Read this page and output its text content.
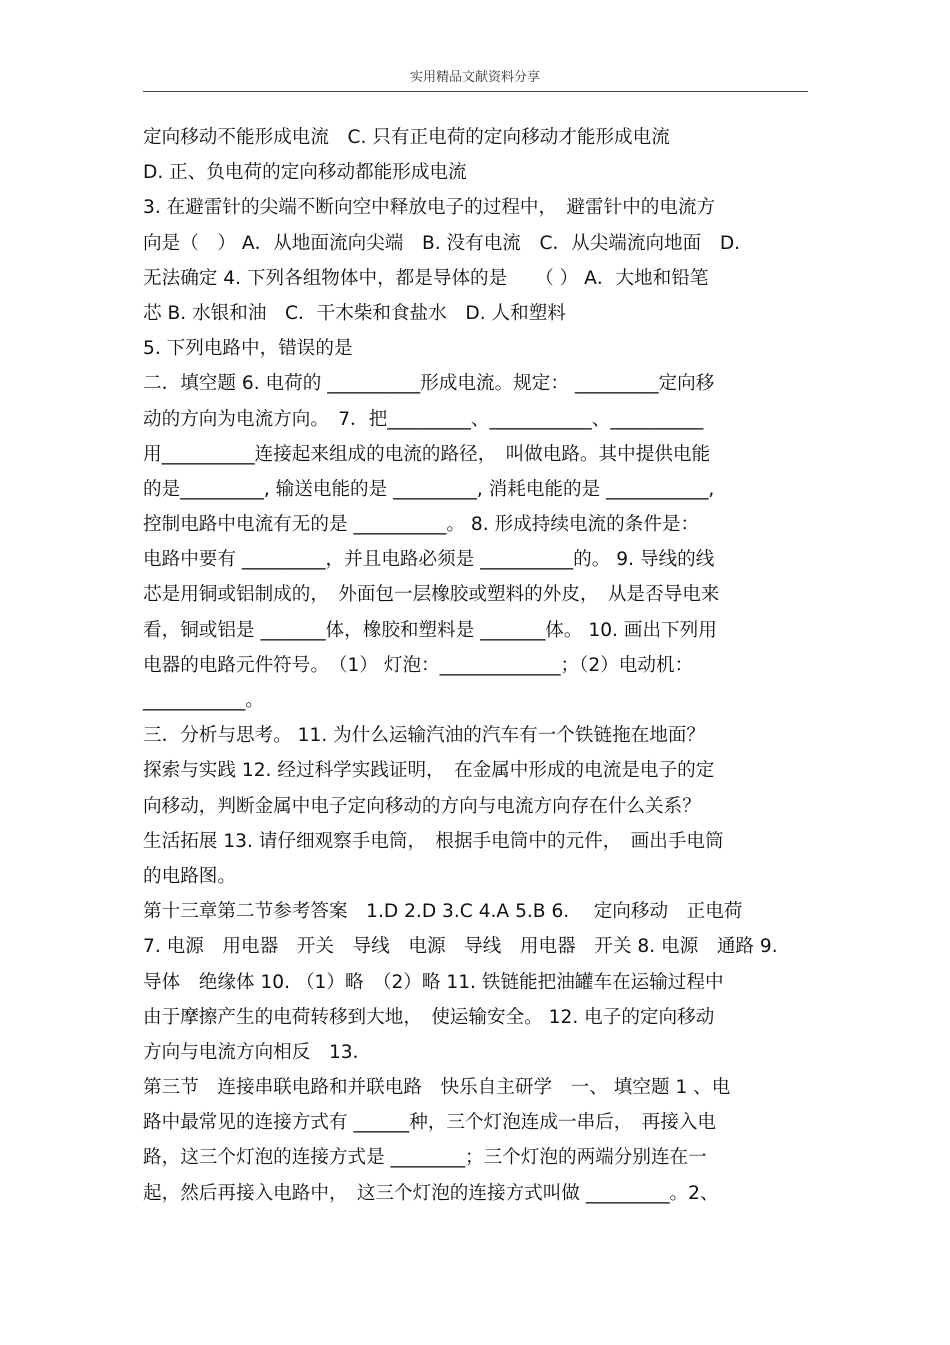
实用精品文献资料分享
定向移动不能形成电流　C. 只有正电荷的定向移动才能形成电流
D. 正、负电荷的定向移动都能形成电流
3. 在避雷针的尖端不断向空中释放电子的过程中，　避雷针中的电流方
向是（　） A．从地面流向尖端　B. 没有电流　C．从尖端流向地面　D.
无法确定 4. 下列各组物体中，都是导体的是　　（ ） A．大地和铅笔
芯 B. 水银和油　C．干木柴和食盐水　D. 人和塑料
5. 下列电路中，错误的是
二．填空题 6. 电荷的 __________形成电流。规定： _________定向移
动的方向为电流方向。　7．把_________、___________、__________
用__________连接起来组成的电流的路径，　叫做电路。其中提供电能
的是_________, 输送电能的是 _________, 消耗电能的是 ___________,
控制电路中电流有无的是 __________。 8. 形成持续电流的条件是：
电路中要有 _________，并且电路必须是 __________的。 9. 导线的线
芯是用铜或铝制成的，　外面包一层橡胶或塑料的外皮，　从是否导电来
看，铜或铝是 _______体，橡胶和塑料是 _______体。 10. 画出下列用
电器的电路元件符号。　（1） 灯泡：_____________；（2）电动机：
___________。
三．分析与思考。 11. 为什么运输汽油的汽车有一个铁链拖在地面？
探索与实践 12. 经过科学实践证明，　在金属中形成的电流是电子的定
向移动，判断金属中电子定向移动的方向与电流方向存在什么关系？
生活拓展 13. 请仔细观察手电筒，　根据手电筒中的元件，　画出手电筒
的电路图。
第十三章第二节参考答案　1.D 2.D 3.C 4.A 5.B 6.　 定向移动　正电荷
7. 电源　用电器　开关　导线　电源　导线　用电器　开关 8. 电源　通路 9.
导体　绝缘体 10. （1）略　（2）略 11. 铁链能把油罐车在运输过程中
由于摩擦产生的电荷转移到大地，　使运输安全。 12. 电子的定向移动
方向与电流方向相反　13．
第三节　连接串联电路和并联电路　快乐自主研学　一、 填空题 1 、电
路中最常见的连接方式有 ______种，三个灯泡连成一串后，　再接入电
路，这三个灯泡的连接方式是 ________；三个灯泡的两端分别连在一
起，然后再接入电路中，　这三个灯泡的连接方式叫做 _________。2、
